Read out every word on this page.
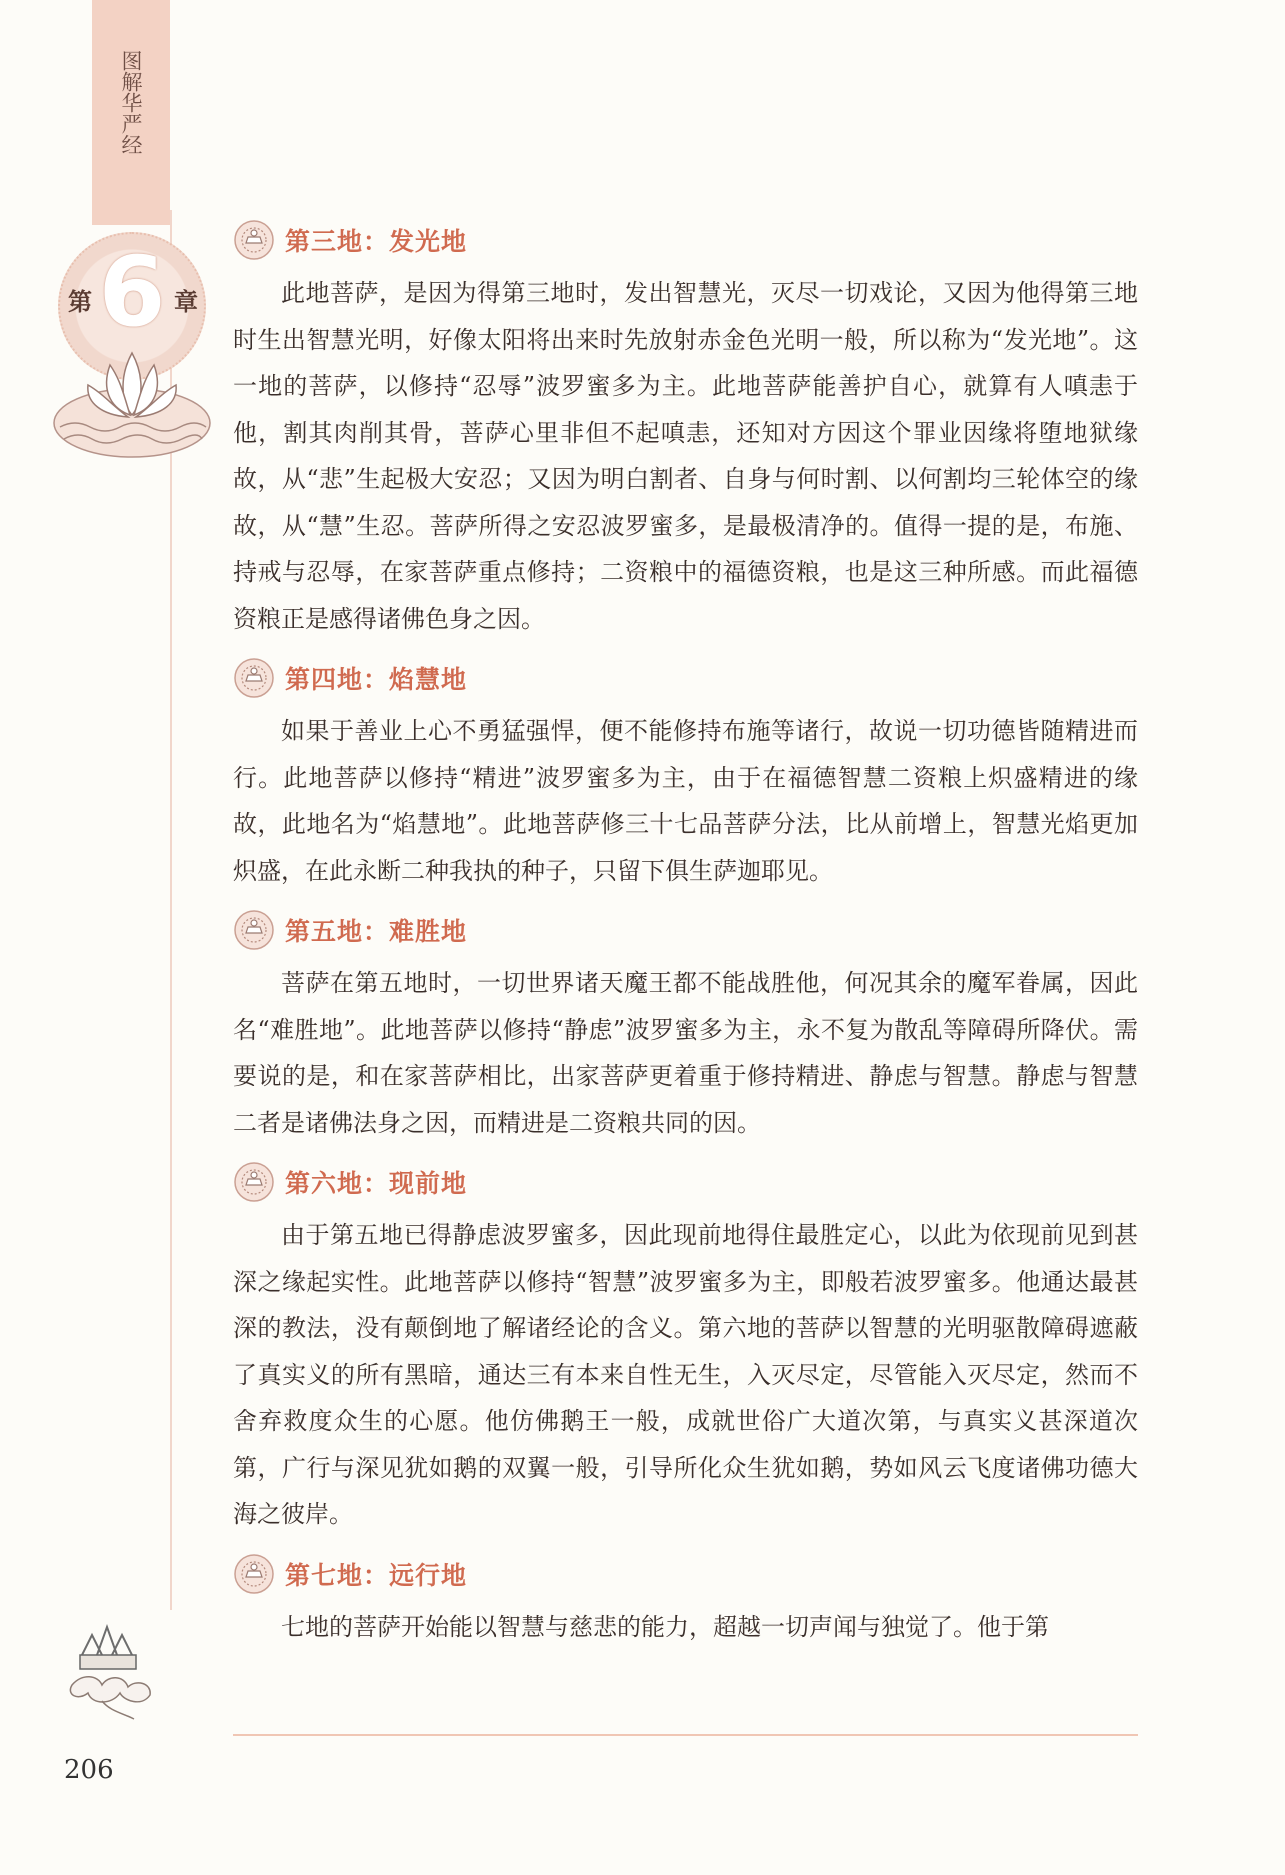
图
解
华
严
经
6
第	章
第三地：发光地

此地菩萨，是因为得第三地时，发出智慧光，灭尽一切戏论，又因为他得第三地时生出智慧光明，好像太阳将出来时先放射赤金色光明一般，所以称为“发光地”。这一地的菩萨，以修持“忍辱”波罗蜜多为主。此地菩萨能善护自心，就算有人嗔恚于他，割其肉削其骨，菩萨心里非但不起嗔恚，还知对方因这个罪业因缘将堕地狱缘故，从“悲”生起极大安忍；又因为明白割者、自身与何时割、以何割均三轮体空的缘故，从“慧”生忍。菩萨所得之安忍波罗蜜多，是最极清净的。值得一提的是，布施、持戒与忍辱，在家菩萨重点修持；二资粮中的福德资粮，也是这三种所感。而此福德资粮正是感得诸佛色身之因。

第四地：焰慧地

如果于善业上心不勇猛强悍，便不能修持布施等诸行，故说一切功德皆随精进而行。此地菩萨以修持“精进”波罗蜜多为主，由于在福德智慧二资粮上炽盛精进的缘故，此地名为“焰慧地”。此地菩萨修三十七品菩萨分法，比从前增上，智慧光焰更加炽盛，在此永断二种我执的种子，只留下俱生萨迦耶见。

第五地：难胜地

菩萨在第五地时，一切世界诸天魔王都不能战胜他，何况其余的魔军眷属，因此名“难胜地”。此地菩萨以修持“静虑”波罗蜜多为主，永不复为散乱等障碍所降伏。需要说的是，和在家菩萨相比，出家菩萨更着重于修持精进、静虑与智慧。静虑与智慧二者是诸佛法身之因，而精进是二资粮共同的因。

第六地：现前地

由于第五地已得静虑波罗蜜多，因此现前地得住最胜定心，以此为依现前见到甚深之缘起实性。此地菩萨以修持“智慧”波罗蜜多为主，即般若波罗蜜多。他通达最甚深的教法，没有颠倒地了解诸经论的含义。第六地的菩萨以智慧的光明驱散障碍遮蔽了真实义的所有黑暗，通达三有本来自性无生，入灭尽定，尽管能入灭尽定，然而不舍弃救度众生的心愿。他仿佛鹅王一般，成就世俗广大道次第，与真实义甚深道次第，广行与深见犹如鹅的双翼一般，引导所化众生犹如鹅，势如风云飞度诸佛功德大海之彼岸。

第七地：远行地

七地的菩萨开始能以智慧与慈悲的能力，超越一切声闻与独觉了。他于第

206
